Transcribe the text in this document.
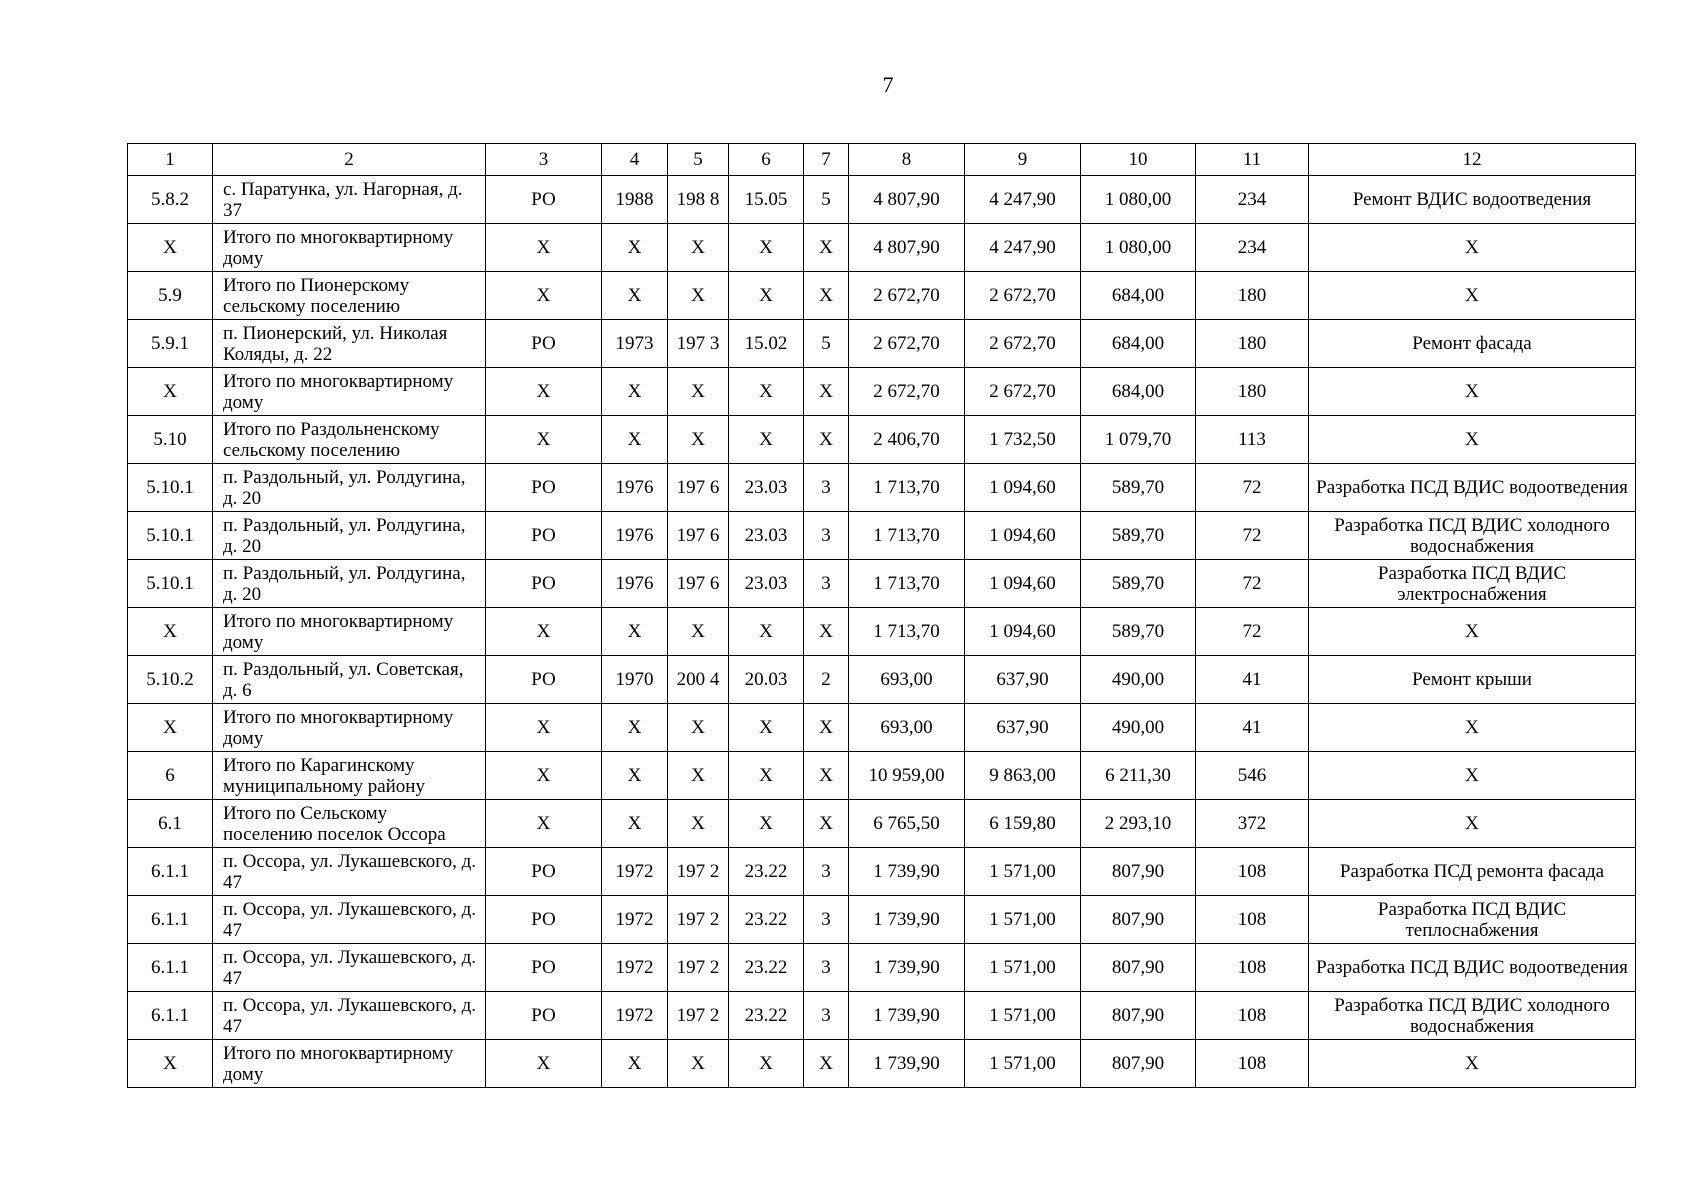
7
1	2	3	4	5	6	7	8	9	10	11	12
5.8.2	с. Паратунка, ул. Нагорная, д. 37	РО	1988	198 8	15.05	5	4 807,90	4 247,90	1 080,00	234	Ремонт ВДИС водоотведения
Х	Итого по многоквартирному дому	Х	Х	Х	Х	Х	4 807,90	4 247,90	1 080,00	234	Х
5.9	Итого по Пионерскому сельскому поселению	Х	Х	Х	Х	Х	2 672,70	2 672,70	684,00	180	Х
5.9.1	п. Пионерский, ул. Николая Коляды, д. 22	РО	1973	197 3	15.02	5	2 672,70	2 672,70	684,00	180	Ремонт фасада
Х	Итого по многоквартирному дому	Х	Х	Х	Х	Х	2 672,70	2 672,70	684,00	180	Х
5.10	Итого по Раздольненскому сельскому поселению	Х	Х	Х	Х	Х	2 406,70	1 732,50	1 079,70	113	Х
5.10.1	п. Раздольный, ул. Ролдугина, д. 20	РО	1976	197 6	23.03	3	1 713,70	1 094,60	589,70	72	Разработка ПСД ВДИС водоотведения
5.10.1	п. Раздольный, ул. Ролдугина, д. 20	РО	1976	197 6	23.03	3	1 713,70	1 094,60	589,70	72	Разработка ПСД ВДИС холодного водоснабжения
5.10.1	п. Раздольный, ул. Ролдугина, д. 20	РО	1976	197 6	23.03	3	1 713,70	1 094,60	589,70	72	Разработка ПСД ВДИС электроснабжения
Х	Итого по многоквартирному дому	Х	Х	Х	Х	Х	1 713,70	1 094,60	589,70	72	Х
5.10.2	п. Раздольный, ул. Советская, д. 6	РО	1970	200 4	20.03	2	693,00	637,90	490,00	41	Ремонт крыши
Х	Итого по многоквартирному дому	Х	Х	Х	Х	Х	693,00	637,90	490,00	41	Х
6	Итого по Карагинскому муниципальному району	Х	Х	Х	Х	Х	10 959,00	9 863,00	6 211,30	546	Х
6.1	Итого по Сельскому поселению поселок Оссора	Х	Х	Х	Х	Х	6 765,50	6 159,80	2 293,10	372	Х
6.1.1	п. Оссора, ул. Лукашевского, д. 47	РО	1972	197 2	23.22	3	1 739,90	1 571,00	807,90	108	Разработка ПСД ремонта фасада
6.1.1	п. Оссора, ул. Лукашевского, д. 47	РО	1972	197 2	23.22	3	1 739,90	1 571,00	807,90	108	Разработка ПСД ВДИС теплоснабжения
6.1.1	п. Оссора, ул. Лукашевского, д. 47	РО	1972	197 2	23.22	3	1 739,90	1 571,00	807,90	108	Разработка ПСД ВДИС водоотведения
6.1.1	п. Оссора, ул. Лукашевского, д. 47	РО	1972	197 2	23.22	3	1 739,90	1 571,00	807,90	108	Разработка ПСД ВДИС холодного водоснабжения
Х	Итого по многоквартирному дому	Х	Х	Х	Х	Х	1 739,90	1 571,00	807,90	108	Х
